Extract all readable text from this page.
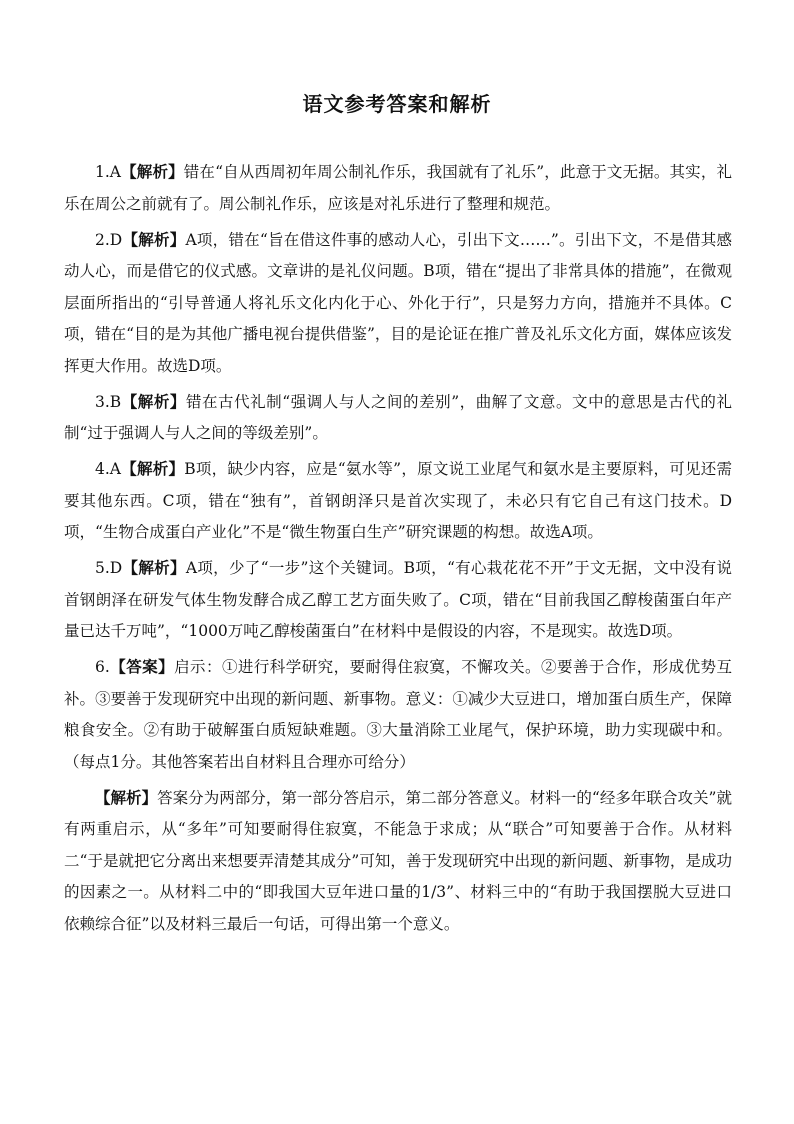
语文参考答案和解析

1.A【解析】错在“自从西周初年周公制礼作乐，我国就有了礼乐”，此意于文无据。其实，礼乐在周公之前就有了。周公制礼作乐，应该是对礼乐进行了整理和规范。

2.D【解析】A项，错在“旨在借这件事的感动人心，引出下文……”。引出下文，不是借其感动人心，而是借它的仪式感。文章讲的是礼仪问题。B项，错在“提出了非常具体的措施”，在微观层面所指出的“引导普通人将礼乐文化内化于心、外化于行”，只是努力方向，措施并不具体。C项，错在“目的是为其他广播电视台提供借鉴”，目的是论证在推广普及礼乐文化方面，媒体应该发挥更大作用。故选D项。

3.B【解析】错在古代礼制“强调人与人之间的差别”，曲解了文意。文中的意思是古代的礼制“过于强调人与人之间的等级差别”。

4.A【解析】B项，缺少内容，应是“氨水等”，原文说工业尾气和氨水是主要原料，可见还需要其他东西。C项，错在“独有”，首钢朗泽只是首次实现了，未必只有它自己有这门技术。D项，“生物合成蛋白产业化”不是“微生物蛋白生产”研究课题的构想。故选A项。

5.D【解析】A项，少了“一步”这个关键词。B项，“有心栽花花不开”于文无据，文中没有说首钢朗泽在研发气体生物发酵合成乙醇工艺方面失败了。C项，错在“目前我国乙醇梭菌蛋白年产量已达千万吨”，“1000万吨乙醇梭菌蛋白”在材料中是假设的内容，不是现实。故选D项。

6.【答案】启示：①进行科学研究，要耐得住寂寞，不懈攻关。②要善于合作，形成优势互补。③要善于发现研究中出现的新问题、新事物。意义：①减少大豆进口，增加蛋白质生产，保障粮食安全。②有助于破解蛋白质短缺难题。③大量消除工业尾气，保护环境，助力实现碳中和。（每点1分。其他答案若出自材料且合理亦可给分）

【解析】答案分为两部分，第一部分答启示，第二部分答意义。材料一的“经多年联合攻关”就有两重启示，从“多年”可知要耐得住寂寞，不能急于求成；从“联合”可知要善于合作。从材料二“于是就把它分离出来想要弄清楚其成分”可知，善于发现研究中出现的新问题、新事物，是成功的因素之一。从材料二中的“即我国大豆年进口量的1/3”、材料三中的“有助于我国摆脱大豆进口依赖综合征”以及材料三最后一句话，可得出第一个意义。
